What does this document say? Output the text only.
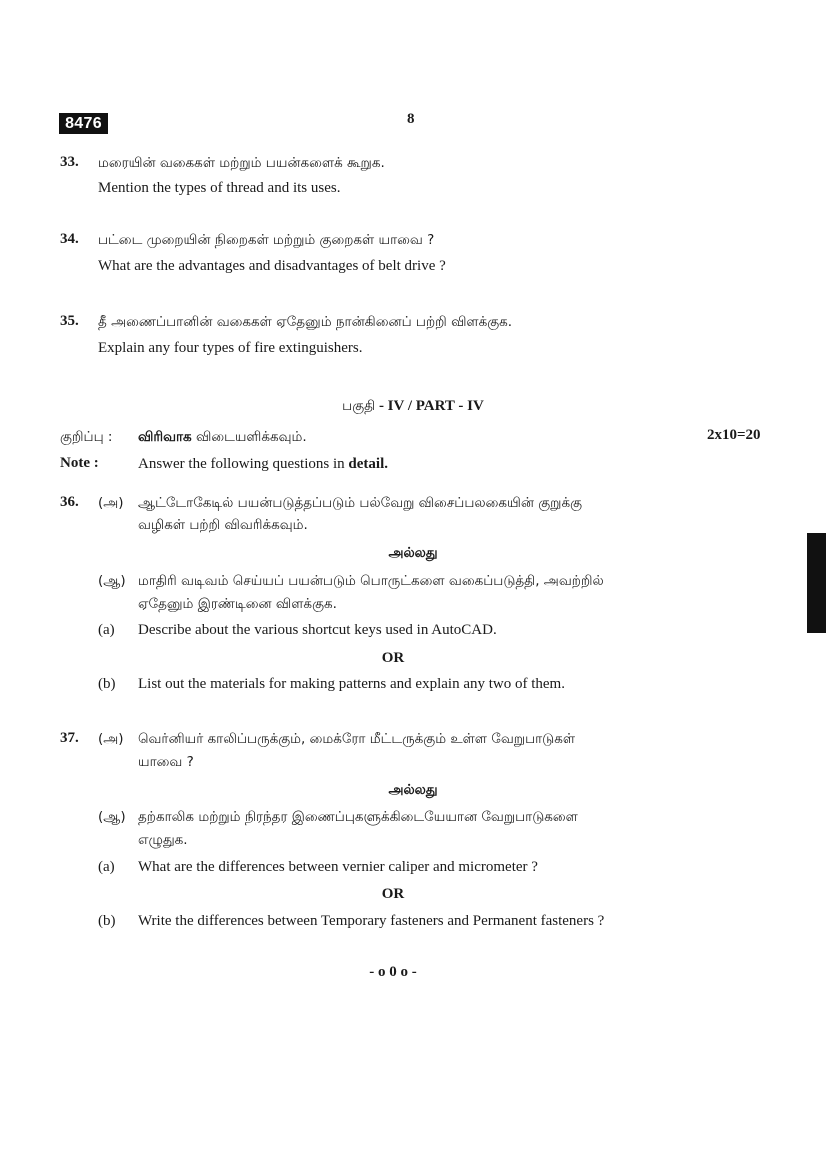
8476	8
33. மரையின் வகைகள் மற்றும் பயன்களைக் கூறுக.
Mention the types of thread and its uses.
34. பட்டை முறையின் நிறைகள் மற்றும் குறைகள் யாவை ?
What are the advantages and disadvantages of belt drive ?
35. தீ அணைப்பானின் வகைகள் ஏதேனும் நான்கினைப் பற்றி விளக்குக.
Explain any four types of fire extinguishers.
பகுதி - IV / PART - IV
குறிப்பு : விரிவாக விடையளிக்கவும்.	2x10=20
Note :	Answer the following questions in detail.
36. (அ) ஆட்டோகேடில் பயன்படுத்தப்படும் பல்வேறு விசைப்பலகையின் குறுக்கு
வழிகள் பற்றி விவரிக்கவும்.
அல்லது
(ஆ) மாதிரி வடிவம் செய்யப் பயன்படும் பொருட்களை வகைப்படுத்தி, அவற்றில்
ஏதேனும் இரண்டினை விளக்குக.
(a) Describe about the various shortcut keys used in AutoCAD.
OR
(b) List out the materials for making patterns and explain any two of them.
37. (அ) வெர்னியர் காலிப்பருக்கும், மைக்ரோ மீட்டருக்கும் உள்ள வேறுபாடுகள்
யாவை ?
அல்லது
(ஆ) தற்காலிக மற்றும் நிரந்தர இணைப்புகளுக்கிடையேயான வேறுபாடுகளை
எழுதுக.
(a) What are the differences between vernier caliper and micrometer ?
OR
(b) Write the differences between Temporary fasteners and Permanent fasteners ?
- o 0 o -
